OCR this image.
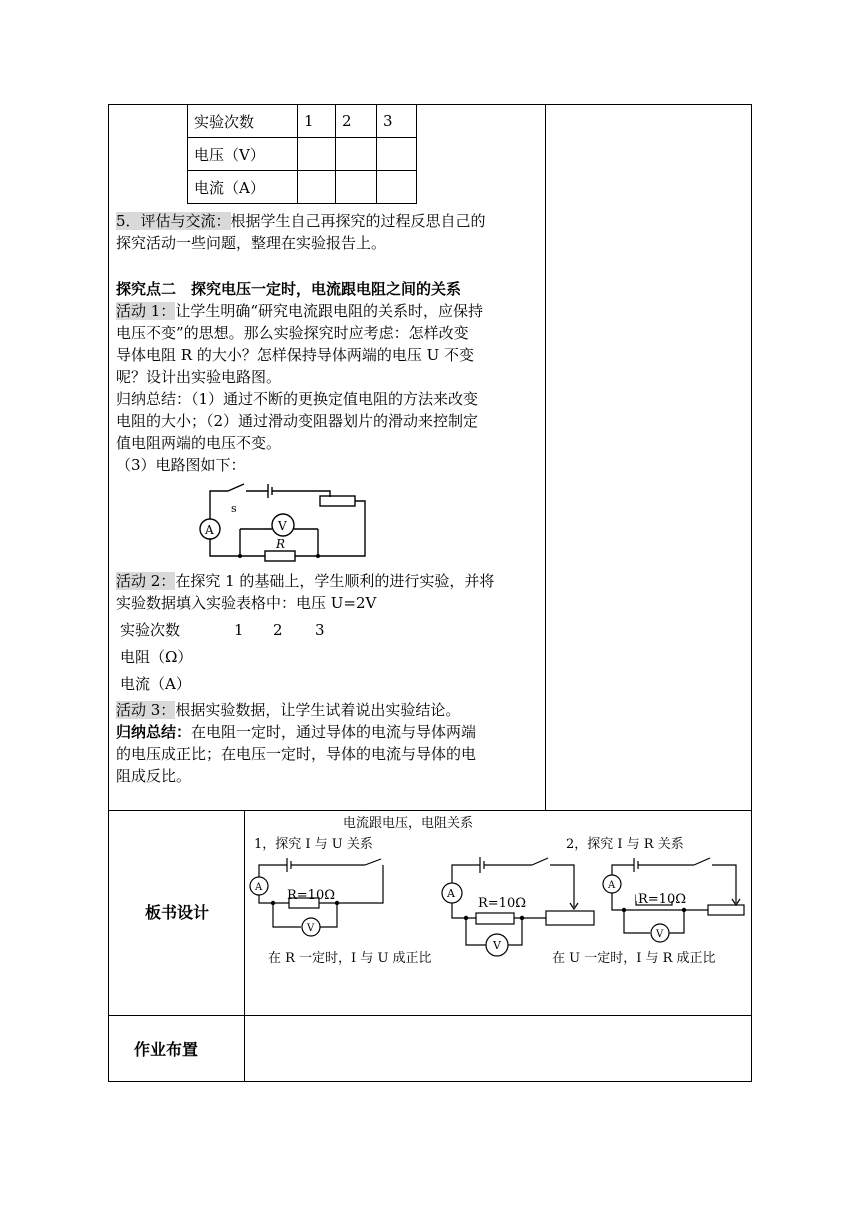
实验次数	1	2	3
电压（V）			
电流（A）			
5．评估与交流：根据学生自己再探究的过程反思自己的
探究活动一些问题，整理在实验报告上。
探究点二　探究电压一定时，电流跟电阻之间的关系
活动 1：让学生明确“研究电流跟电阻的关系时，应保持
电压不变”的思想。那么实验探究时应考虑：怎样改变
导体电阻 R 的大小？怎样保持导体两端的电压 U 不变
呢？设计出实验电路图。
归纳总结：（1）通过不断的更换定值电阻的方法来改变
电阻的大小；（2）通过滑动变阻器划片的滑动来控制定
值电阻两端的电压不变。
（3）电路图如下：
s
A	V
R
活动 2：在探究 1 的基础上，学生顺利的进行实验，并将
实验数据填入实验表格中：电压 U=2V
实验次数	1 2 3
电阻（Ω）
电流（A）
活动 3：根据实验数据，让学生试着说出实验结论。
归纳总结：在电阻一定时，通过导体的电流与导体两端
的电压成正比；在电压一定时，导体的电流与导体的电
阻成反比。
板书设计
电流跟电压，电阻关系
1，探究 I 与 U 关系	2，探究 I 与 R 关系
R=10Ω
A
V
R=10Ω
A
V
R=10Ω
A
V
在 R 一定时，I 与 U 成正比	在 U 一定时，I 与 R 成正比
作业布置
